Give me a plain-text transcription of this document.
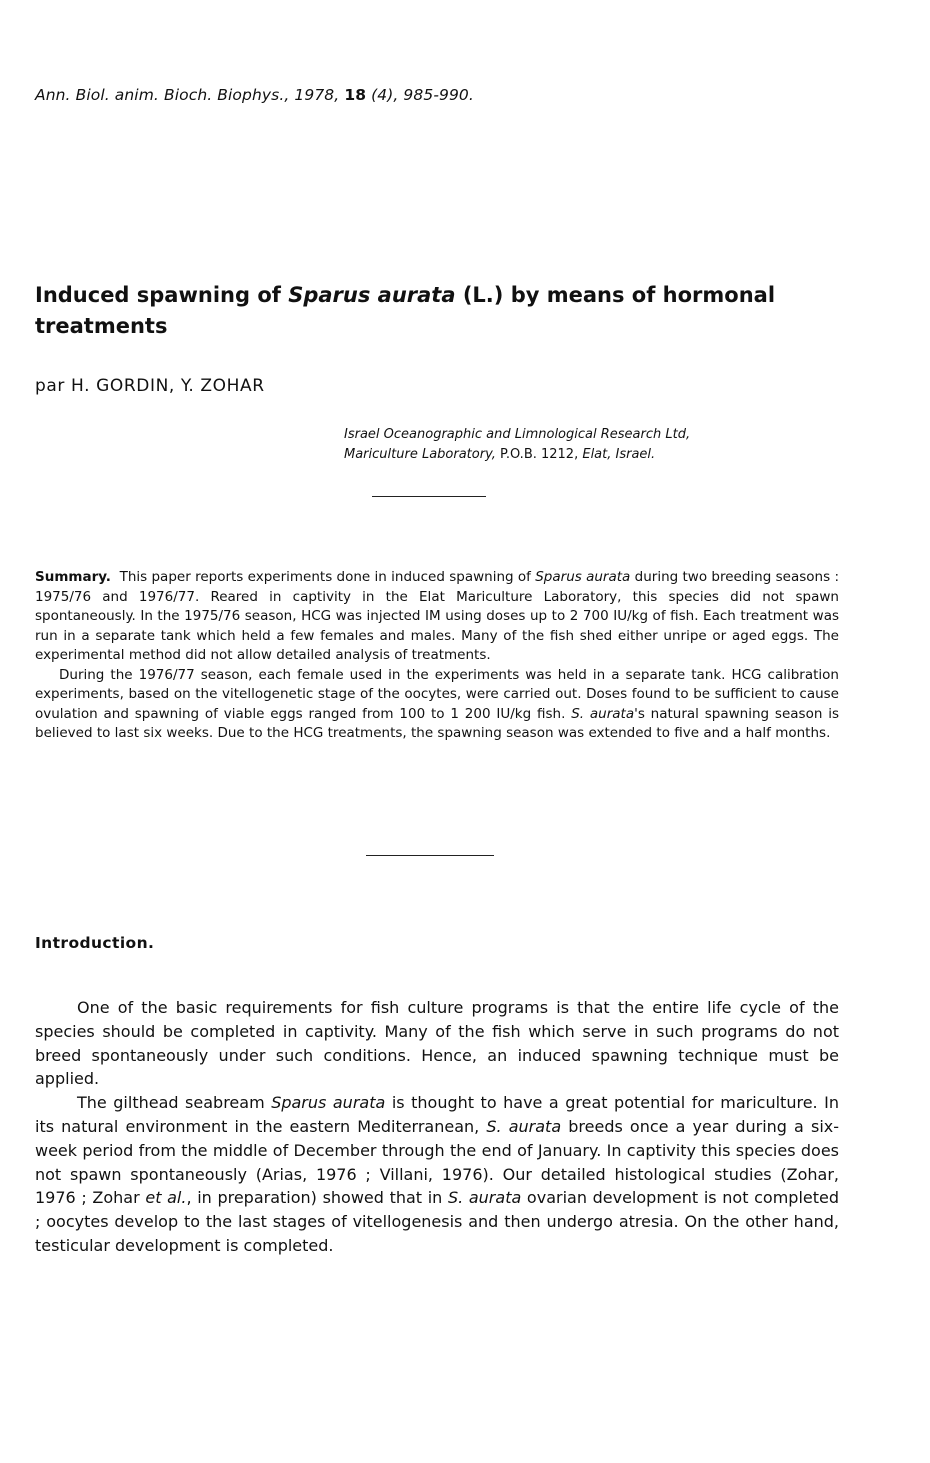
Ann. Biol. anim. Bioch. Biophys., 1978, 18 (4), 985-990.
Induced spawning of Sparus aurata (L.) by means of hormonal treatments
par H. GORDIN, Y. ZOHAR
Israel Oceanographic and Limnological Research Ltd,
Mariculture Laboratory, P.O.B. 1212, Elat, Israel.

Summary. This paper reports experiments done in induced spawning of Sparus aurata during two breeding seasons : 1975/76 and 1976/77. Reared in captivity in the Elat Mariculture Laboratory, this species did not spawn spontaneously. In the 1975/76 season, HCG was injected IM using doses up to 2 700 IU/kg of fish. Each treatment was run in a separate tank which held a few females and males. Many of the fish shed either unripe or aged eggs. The experimental method did not allow detailed analysis of treatments.

During the 1976/77 season, each female used in the experiments was held in a separate tank. HCG calibration experiments, based on the vitellogenetic stage of the oocytes, were carried out. Doses found to be sufficient to cause ovulation and spawning of viable eggs ranged from 100 to 1 200 IU/kg fish. S. aurata's natural spawning season is believed to last six weeks. Due to the HCG treatments, the spawning season was extended to five and a half months.

Introduction.

One of the basic requirements for fish culture programs is that the entire life cycle of the species should be completed in captivity. Many of the fish which serve in such programs do not breed spontaneously under such conditions. Hence, an induced spawning technique must be applied.

The gilthead seabream Sparus aurata is thought to have a great potential for mariculture. In its natural environment in the eastern Mediterranean, S. aurata breeds once a year during a six-week period from the middle of December through the end of January. In captivity this species does not spawn spontaneously (Arias, 1976 ; Villani, 1976). Our detailed histological studies (Zohar, 1976 ; Zohar et al., in preparation) showed that in S. aurata ovarian development is not completed ; oocytes develop to the last stages of vitellogenesis and then undergo atresia. On the other hand, testicular development is completed.
